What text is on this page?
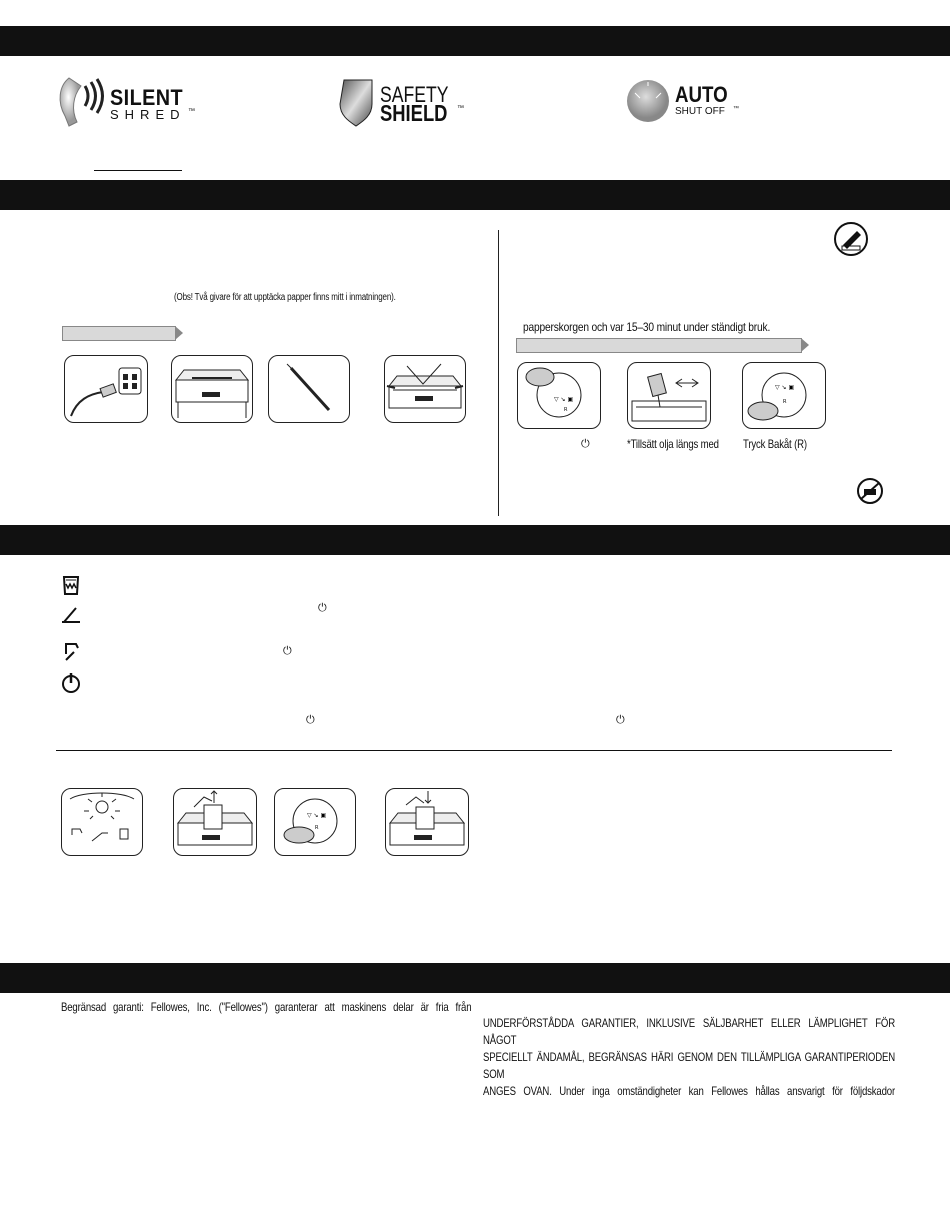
SILENT
SHRED ™
SAFETY
SHIELD ™
AUTO
SHUT OFF ™
(Obs! Två givare för att upptäcka papper finns mitt i inmatningen).
papperskorgen och var 15–30 minut under ständigt bruk.
▽ ↘ ▣
R
▽ ↘ ▣
R
⏻	*Tillsätt olja längs med Tryck Bakåt (R)
⏻
⏻
⏻	⏻
▽ ↘ ▣
R
Begränsad garanti: Fellowes, Inc. ("Fellowes") garanterar att maskinens delar är fria från
UNDERFÖRSTÅDDA GARANTIER, INKLUSIVE SÄLJBARHET ELLER LÄMPLIGHET FÖR NÅGOT
SPECIELLT ÄNDAMÅL, BEGRÄNSAS HÄRI GENOM DEN TILLÄMPLIGA GARANTIPERIODEN SOM
ANGES OVAN. Under inga omständigheter kan Fellowes hållas ansvarigt för följdskador
